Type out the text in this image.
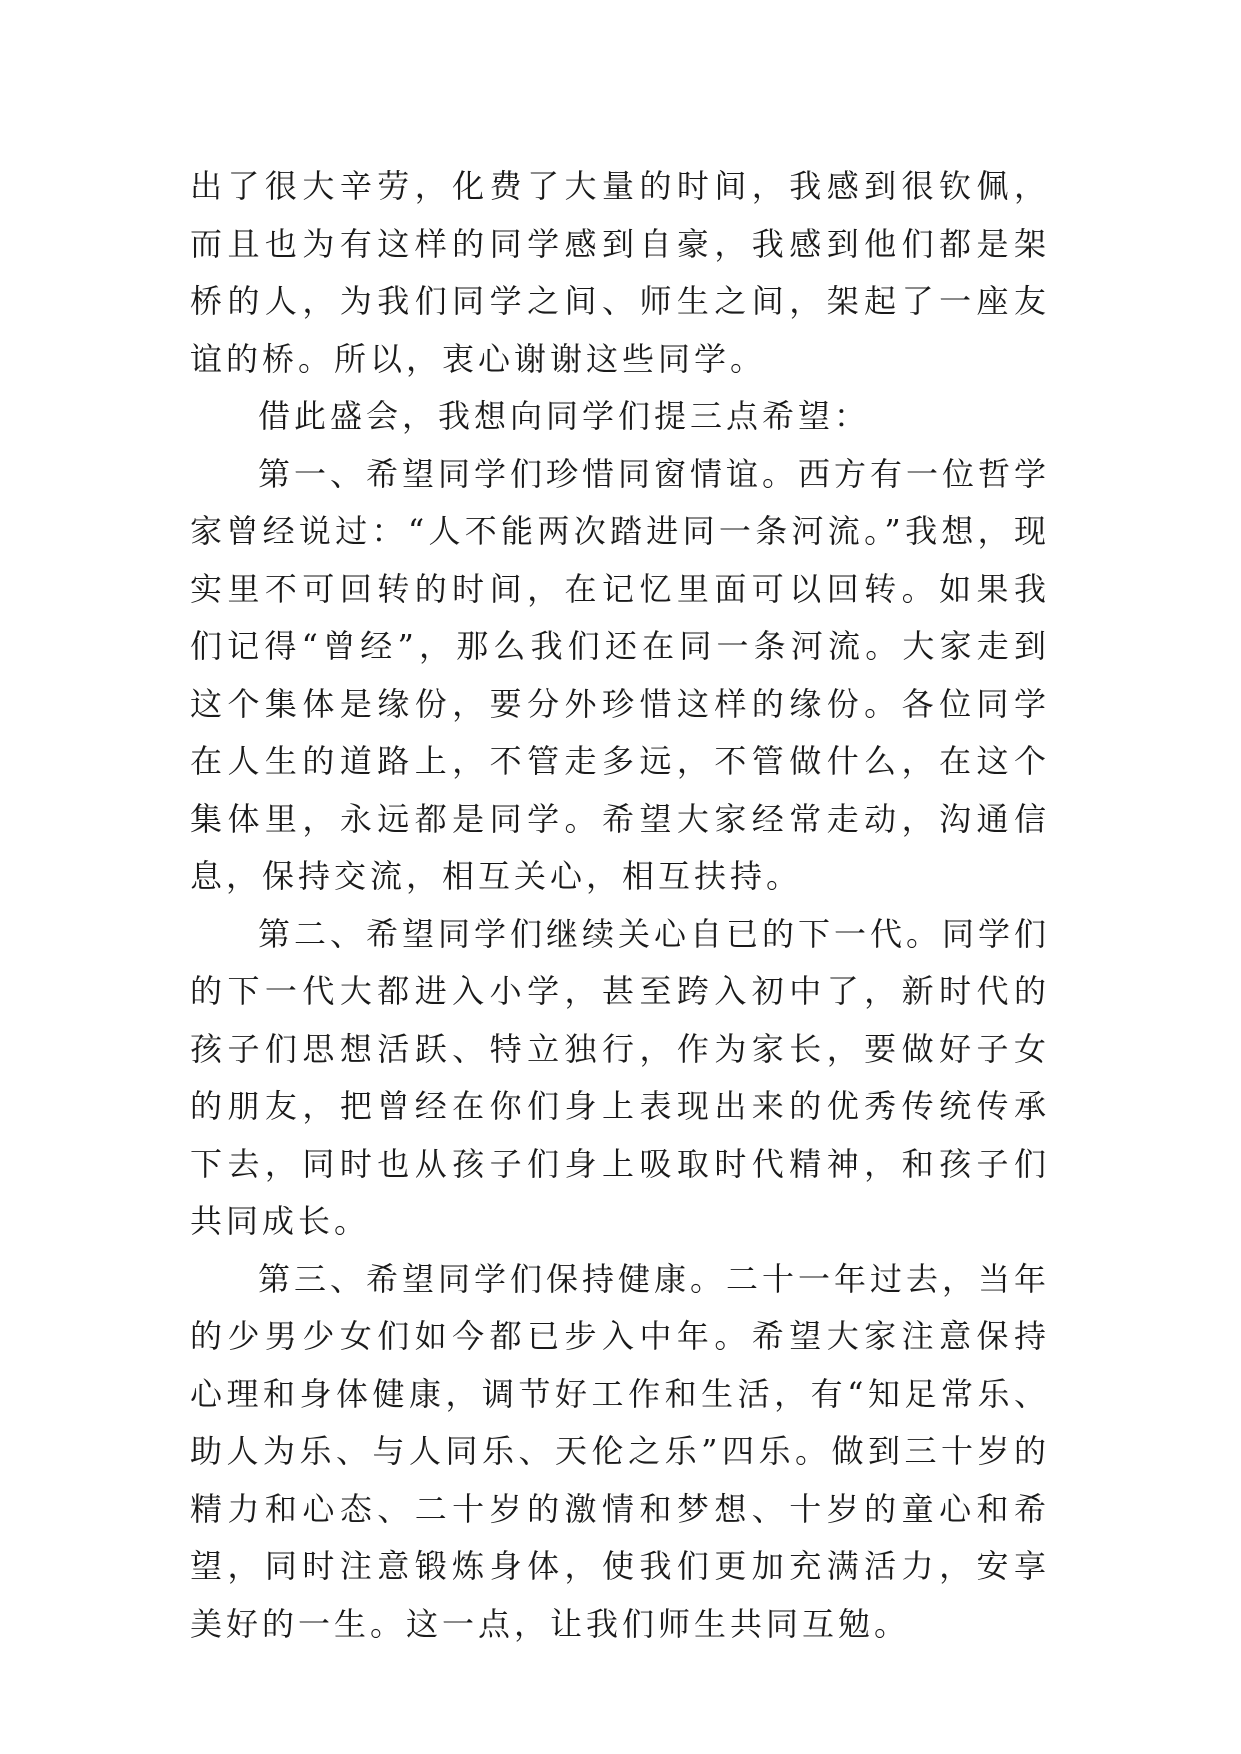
出了很大辛劳，化费了大量的时间，我感到很钦佩，而且也为有这样的同学感到自豪，我感到他们都是架桥的人，为我们同学之间、师生之间，架起了一座友谊的桥。所以，衷心谢谢这些同学。

借此盛会，我想向同学们提三点希望：

第一、希望同学们珍惜同窗情谊。西方有一位哲学家曾经说过：“人不能两次踏进同一条河流。”我想，现实里不可回转的时间，在记忆里面可以回转。如果我们记得“曾经”，那么我们还在同一条河流。大家走到这个集体是缘份，要分外珍惜这样的缘份。各位同学在人生的道路上，不管走多远，不管做什么，在这个集体里，永远都是同学。希望大家经常走动，沟通信息，保持交流，相互关心，相互扶持。

第二、希望同学们继续关心自已的下一代。同学们的下一代大都进入小学，甚至跨入初中了，新时代的孩子们思想活跃、特立独行，作为家长，要做好子女的朋友，把曾经在你们身上表现出来的优秀传统传承下去，同时也从孩子们身上吸取时代精神，和孩子们共同成长。

第三、希望同学们保持健康。二十一年过去，当年的少男少女们如今都已步入中年。希望大家注意保持心理和身体健康，调节好工作和生活，有“知足常乐、助人为乐、与人同乐、天伦之乐”四乐。做到三十岁的精力和心态、二十岁的激情和梦想、十岁的童心和希望，同时注意锻炼身体，使我们更加充满活力，安享美好的一生。这一点，让我们师生共同互勉。
